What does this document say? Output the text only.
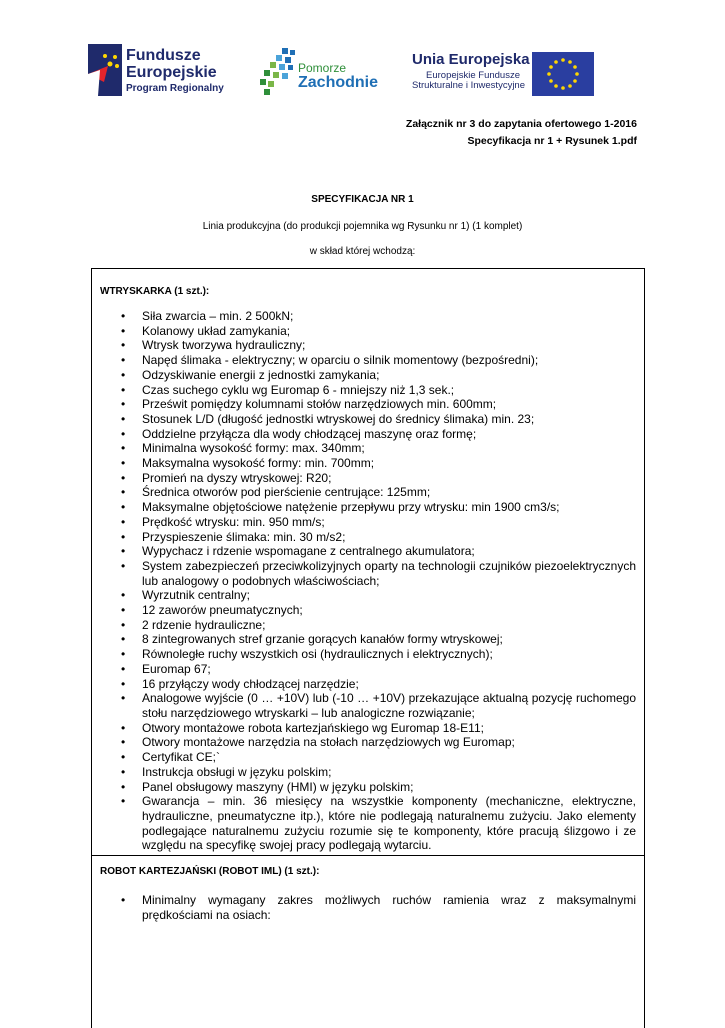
Fundusze
Europejskie
Program Regionalny
Pomorze
Zachodnie
Unia Europejska
Europejskie Fundusze
Strukturalne i Inwestycyjne
Załącznik nr 3 do zapytania ofertowego 1-2016
Specyfikacja nr 1 + Rysunek 1.pdf
SPECYFIKACJA NR 1
Linia produkcyjna (do produkcji pojemnika wg Rysunku nr 1) (1 komplet)
w skład której wchodzą:
WTRYSKARKA (1 szt.):
• Siła zwarcia – min. 2 500kN;
• Kolanowy układ zamykania;
• Wtrysk tworzywa hydrauliczny;
• Napęd ślimaka - elektryczny; w oparciu o silnik momentowy (bezpośredni);
• Odzyskiwanie energii z jednostki zamykania;
• Czas suchego cyklu wg Euromap 6 - mniejszy niż 1,3 sek.;
• Prześwit pomiędzy kolumnami stołów narzędziowych min. 600mm;
• Stosunek L/D (długość jednostki wtryskowej do średnicy ślimaka) min. 23;
• Oddzielne przyłącza dla wody chłodzącej maszynę oraz formę;
• Minimalna wysokość formy: max. 340mm;
• Maksymalna wysokość formy: min. 700mm;
• Promień na dyszy wtryskowej: R20;
• Średnica otworów pod pierścienie centrujące: 125mm;
• Maksymalne objętościowe natężenie przepływu przy wtrysku: min 1900 cm3/s;
• Prędkość wtrysku: min. 950 mm/s;
• Przyspieszenie ślimaka: min. 30 m/s2;
• Wypychacz i rdzenie wspomagane z centralnego akumulatora;
• System zabezpieczeń przeciwkolizyjnych oparty na technologii czujników piezoelektrycznych lub analogowy o podobnych właściwościach;
• Wyrzutnik centralny;
• 12 zaworów pneumatycznych;
• 2 rdzenie hydrauliczne;
• 8 zintegrowanych stref grzanie gorących kanałów formy wtryskowej;
• Równoległe ruchy wszystkich osi (hydraulicznych i elektrycznych);
• Euromap 67;
• 16 przyłączy wody chłodzącej narzędzie;
• Analogowe wyjście (0 … +10V) lub (-10 … +10V) przekazujące aktualną pozycję ruchomego stołu narzędziowego wtryskarki – lub analogiczne rozwiązanie;
• Otwory montażowe robota kartezjańskiego wg Euromap 18-E11;
• Otwory montażowe narzędzia na stołach narzędziowych wg Euromap;
• Certyfikat CE;`
• Instrukcja obsługi w języku polskim;
• Panel obsługowy maszyny (HMI) w języku polskim;
• Gwarancja – min. 36 miesięcy na wszystkie komponenty (mechaniczne, elektryczne, hydrauliczne, pneumatyczne itp.), które nie podlegają naturalnemu zużyciu. Jako elementy podlegające naturalnemu zużyciu rozumie się te komponenty, które pracują ślizgowo i ze względu na specyfikę swojej pracy podlegają wytarciu.
ROBOT KARTEZJAŃSKI (ROBOT IML) (1 szt.):
• Minimalny wymagany zakres możliwych ruchów ramienia wraz z maksymalnymi prędkościami na osiach:
